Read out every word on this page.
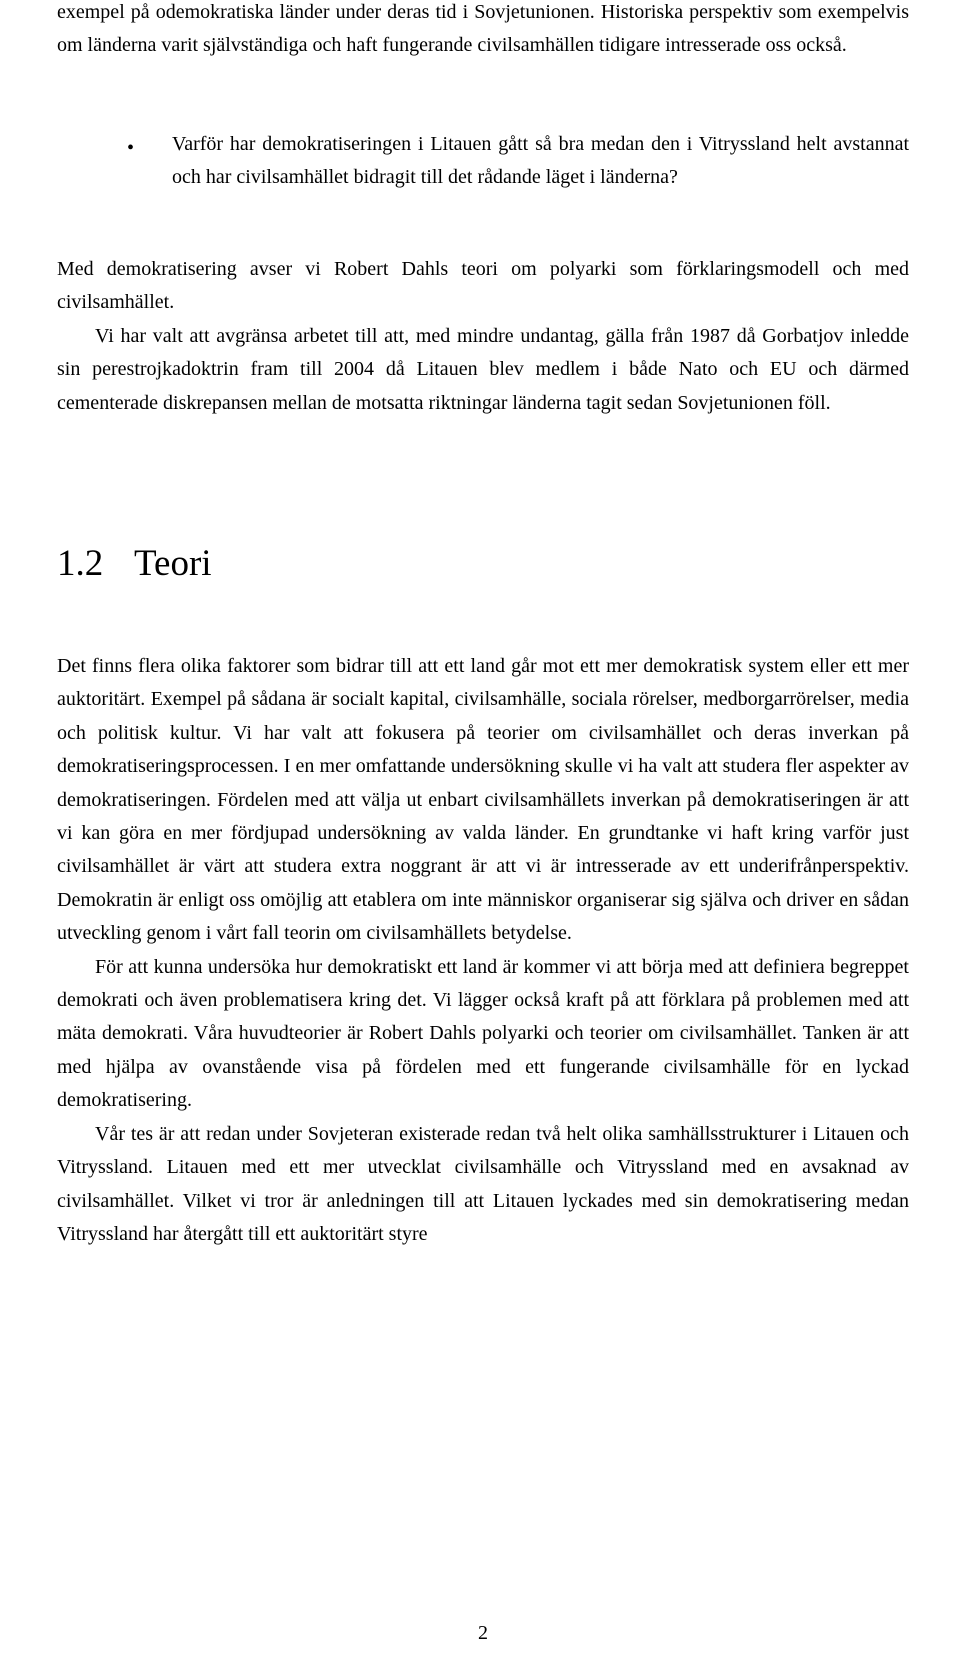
exempel på odemokratiska länder under deras tid i Sovjetunionen. Historiska perspektiv som exempelvis om länderna varit självständiga och haft fungerande civilsamhällen tidigare intresserade oss också.

• Varför har demokratiseringen i Litauen gått så bra medan den i Vitryssland helt avstannat och har civilsamhället bidragit till det rådande läget i länderna?

Med demokratisering avser vi Robert Dahls teori om polyarki som förklaringsmodell och med civilsamhället.

Vi har valt att avgränsa arbetet till att, med mindre undantag, gälla från 1987 då Gorbatjov inledde sin perestrojkadoktrin fram till 2004 då Litauen blev medlem i både Nato och EU och därmed cementerade diskrepansen mellan de motsatta riktningar länderna tagit sedan Sovjetunionen föll.

1.2 Teori

Det finns flera olika faktorer som bidrar till att ett land går mot ett mer demokratisk system eller ett mer auktoritärt. Exempel på sådana är socialt kapital, civilsamhälle, sociala rörelser, medborgarrörelser, media och politisk kultur. Vi har valt att fokusera på teorier om civilsamhället och deras inverkan på demokratiseringsprocessen. I en mer omfattande undersökning skulle vi ha valt att studera fler aspekter av demokratiseringen. Fördelen med att välja ut enbart civilsamhällets inverkan på demokratiseringen är att vi kan göra en mer fördjupad undersökning av valda länder. En grundtanke vi haft kring varför just civilsamhället är värt att studera extra noggrant är att vi är intresserade av ett underifrånperspektiv. Demokratin är enligt oss omöjlig att etablera om inte människor organiserar sig själva och driver en sådan utveckling genom i vårt fall teorin om civilsamhällets betydelse.

För att kunna undersöka hur demokratiskt ett land är kommer vi att börja med att definiera begreppet demokrati och även problematisera kring det. Vi lägger också kraft på att förklara på problemen med att mäta demokrati. Våra huvudteorier är Robert Dahls polyarki och teorier om civilsamhället. Tanken är att med hjälpa av ovanstående visa på fördelen med ett fungerande civilsamhälle för en lyckad demokratisering.

Vår tes är att redan under Sovjeteran existerade redan två helt olika samhällsstrukturer i Litauen och Vitryssland. Litauen med ett mer utvecklat civilsamhälle och Vitryssland med en avsaknad av civilsamhället. Vilket vi tror är anledningen till att Litauen lyckades med sin demokratisering medan Vitryssland har återgått till ett auktoritärt styre

2
